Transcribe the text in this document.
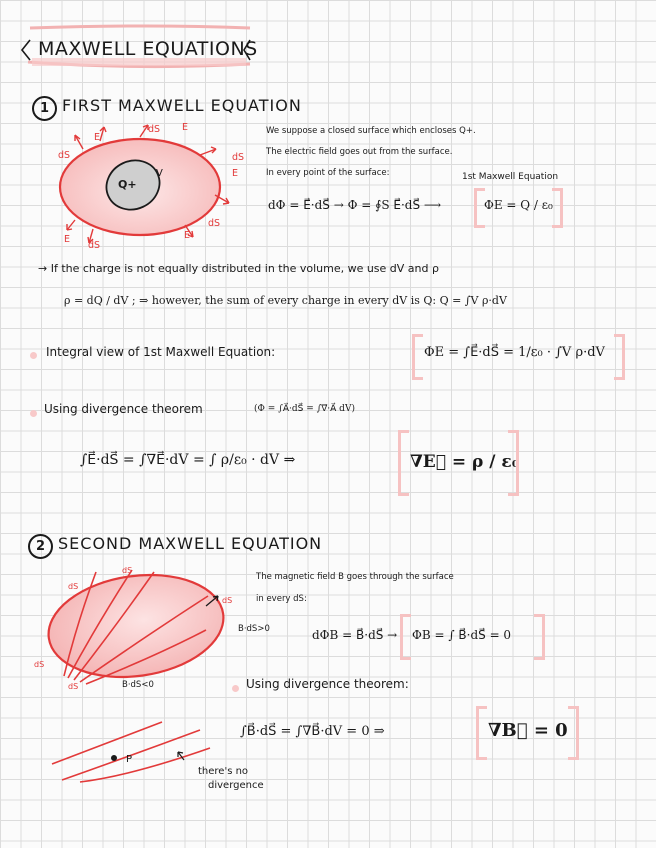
MAXWELL EQUATIONS
1 FIRST MAXWELL EQUATION
dS
E
dS E
dS
E
dS
E
E
dS
Q+
V
We suppose a closed surface which encloses Q+.
The electric field goes out from the surface.
In every point of the surface:	1st Maxwell Equation
dΦ = E⃗·dS⃗ → Φ = ∮S E⃗·dS⃗ ⟶	ΦE = Q / ε₀
→ If the charge is not equally distributed in the volume, we use dV and ρ
ρ = dQ / dV ; ⇒ however, the sum of every charge in every dV is Q: Q = ∫V ρ·dV
Integral view of 1st Maxwell Equation:	ΦE = ∫E⃗·dS⃗ = 1/ε₀ · ∫V ρ·dV
Using divergence theorem	(Φ = ∫A⃗·dS⃗ = ∫∇⃗·A⃗ dV)
∫E⃗·dS⃗ = ∫∇E⃗·dV = ∫ ρ/ε₀ · dV ⇒	∇E⃗ = ρ / ε₀
2 SECOND MAXWELL EQUATION
dS
dS
dS
dS
dS
B·dS>0
B·dS<0
The magnetic field B goes through the surface
in every dS:
dΦB = B⃗·dS⃗ → ΦB = ∫ B⃗·dS⃗ = 0
Using divergence theorem:
∫B⃗·dS⃗ = ∫∇B⃗·dV = 0 ⇒	∇B⃗ = 0
P
there's no
divergence
